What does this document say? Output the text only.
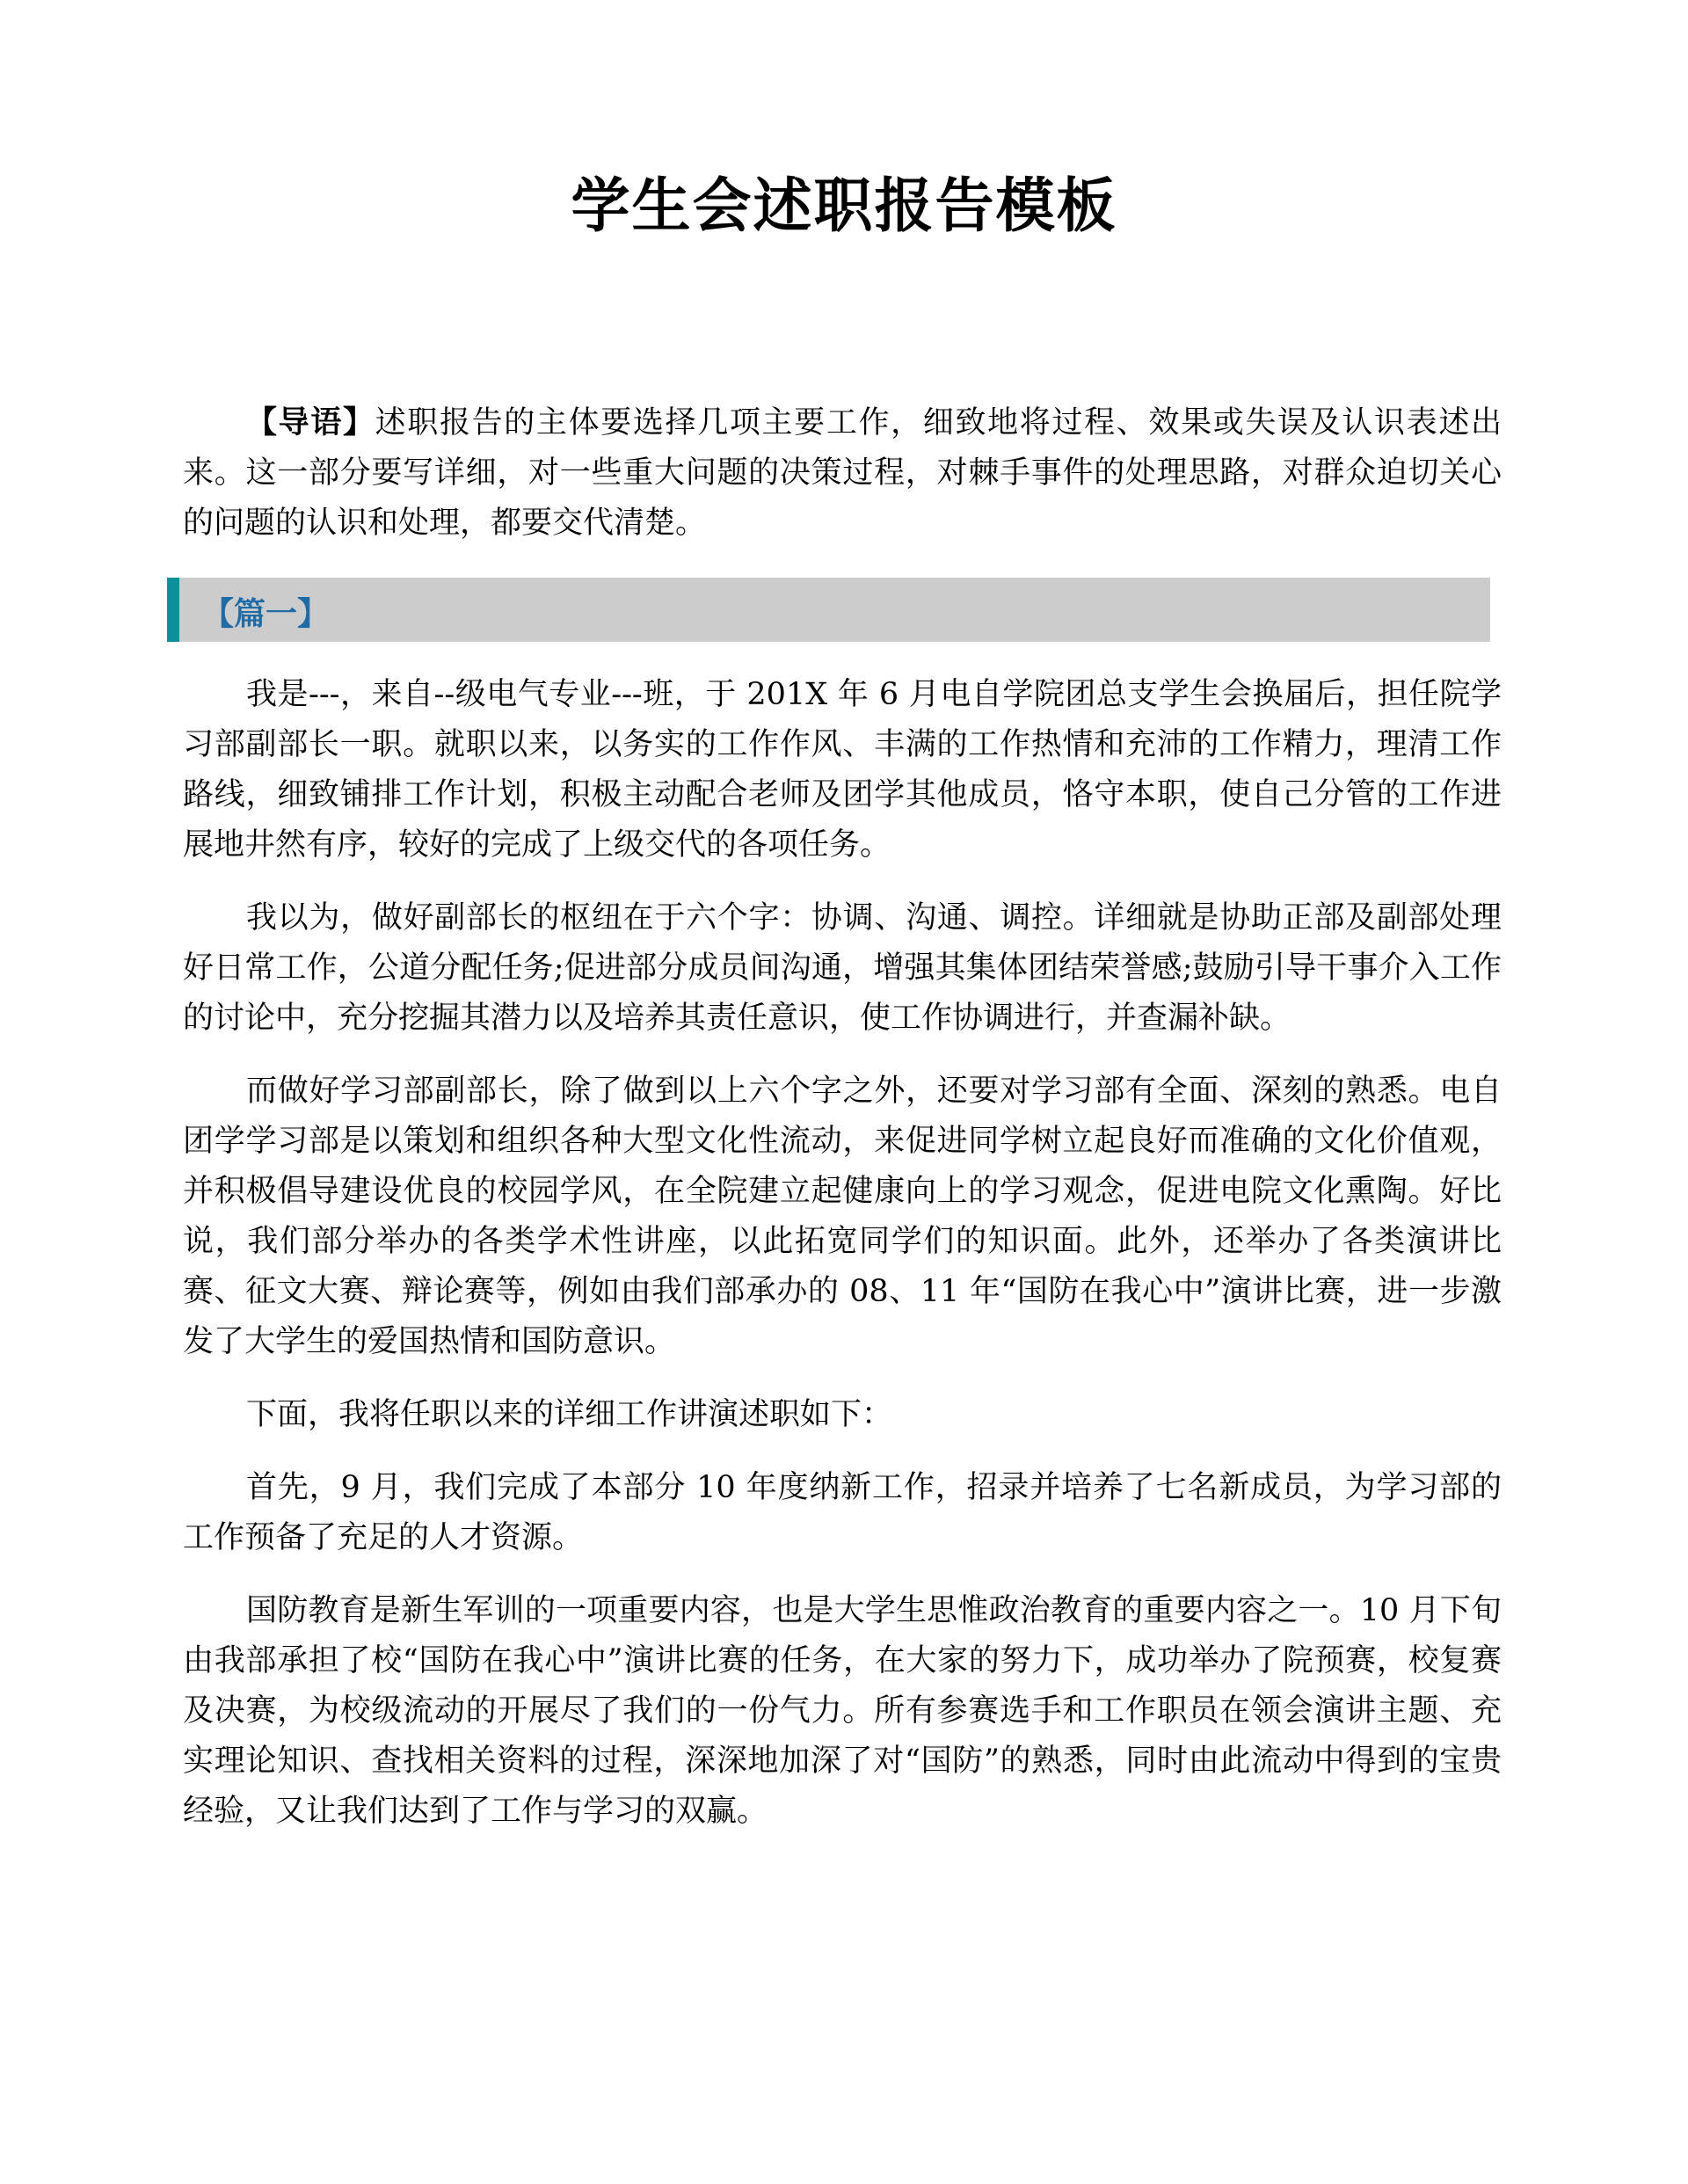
学生会述职报告模板

【导语】述职报告的主体要选择几项主要工作，细致地将过程、效果或失误及认识表述出来。这一部分要写详细，对一些重大问题的决策过程，对棘手事件的处理思路，对群众迫切关心的问题的认识和处理，都要交代清楚。

【篇一】

我是---，来自--级电气专业---班，于 201X 年 6 月电自学院团总支学生会换届后，担任院学习部副部长一职。就职以来，以务实的工作作风、丰满的工作热情和充沛的工作精力，理清工作路线，细致铺排工作计划，积极主动配合老师及团学其他成员，恪守本职，使自己分管的工作进展地井然有序，较好的完成了上级交代的各项任务。

我以为，做好副部长的枢纽在于六个字：协调、沟通、调控。详细就是协助正部及副部处理好日常工作，公道分配任务;促进部分成员间沟通，增强其集体团结荣誉感;鼓励引导干事介入工作的讨论中，充分挖掘其潜力以及培养其责任意识，使工作协调进行，并查漏补缺。

而做好学习部副部长，除了做到以上六个字之外，还要对学习部有全面、深刻的熟悉。电自团学学习部是以策划和组织各种大型文化性流动，来促进同学树立起良好而准确的文化价值观，并积极倡导建设优良的校园学风，在全院建立起健康向上的学习观念，促进电院文化熏陶。好比说，我们部分举办的各类学术性讲座，以此拓宽同学们的知识面。此外，还举办了各类演讲比赛、征文大赛、辩论赛等，例如由我们部承办的 08、11 年“国防在我心中”演讲比赛，进一步激发了大学生的爱国热情和国防意识。

下面，我将任职以来的详细工作讲演述职如下：

首先，9 月，我们完成了本部分 10 年度纳新工作，招录并培养了七名新成员，为学习部的工作预备了充足的人才资源。

国防教育是新生军训的一项重要内容，也是大学生思惟政治教育的重要内容之一。10 月下旬由我部承担了校“国防在我心中”演讲比赛的任务，在大家的努力下，成功举办了院预赛，校复赛及决赛，为校级流动的开展尽了我们的一份气力。所有参赛选手和工作职员在领会演讲主题、充实理论知识、查找相关资料的过程，深深地加深了对“国防”的熟悉，同时由此流动中得到的宝贵经验，又让我们达到了工作与学习的双赢。
